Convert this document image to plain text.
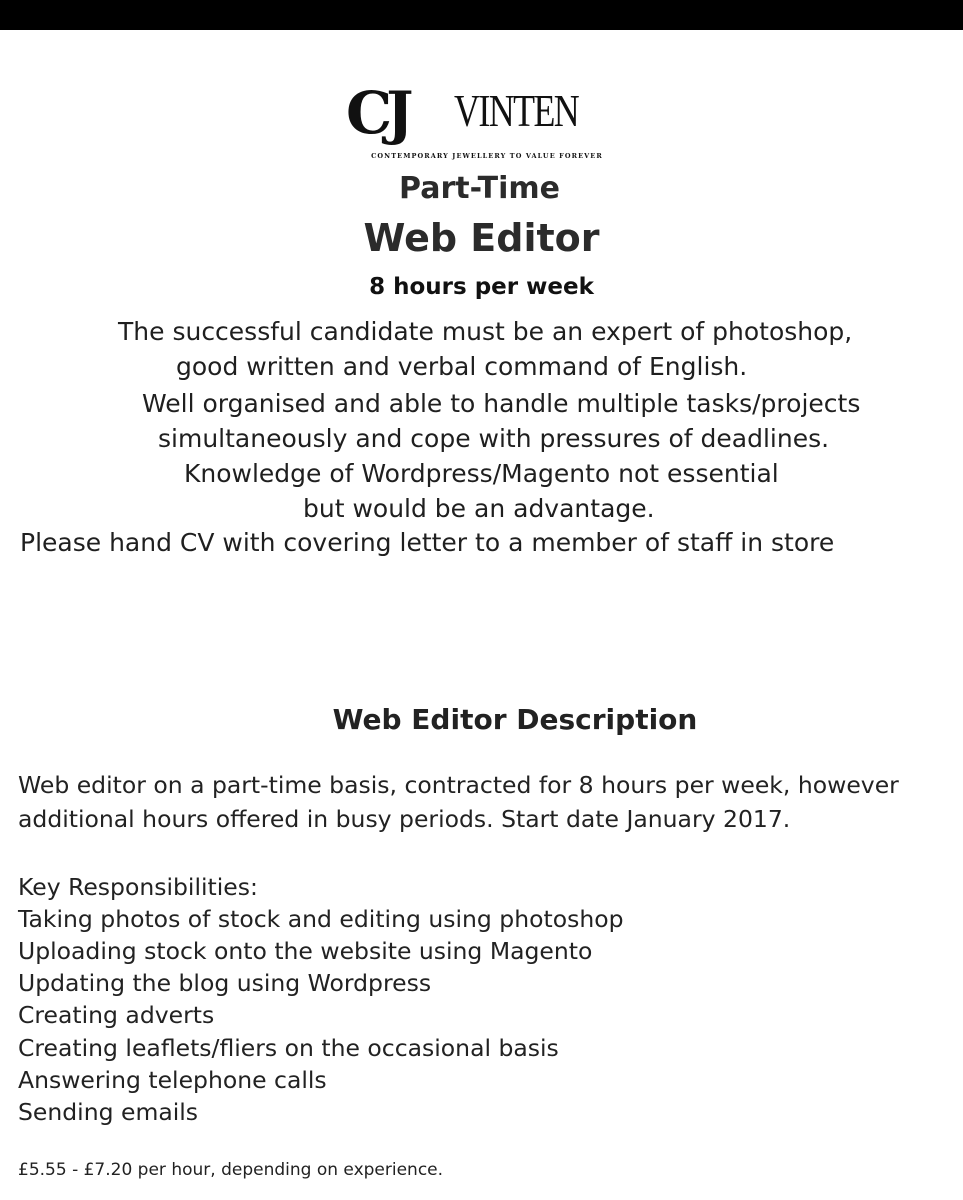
CJ VINTEN
CONTEMPORARY JEWELLERY TO VALUE FOREVER
Part-Time
Web Editor
8 hours per week
The successful candidate must be an expert of photoshop,
good written and verbal command of English.
Well organised and able to handle multiple tasks/projects
simultaneously and cope with pressures of deadlines.
Knowledge of Wordpress/Magento not essential
but would be an advantage.
Please hand CV with covering letter to a member of staff in store
Web Editor Description
Web editor on a part-time basis, contracted for 8 hours per week, however
additional hours offered in busy periods. Start date January 2017.
Key Responsibilities:
Taking photos of stock and editing using photoshop
Uploading stock onto the website using Magento
Updating the blog using Wordpress
Creating adverts
Creating leaflets/fliers on the occasional basis
Answering telephone calls
Sending emails
£5.55 - £7.20 per hour, depending on experience.
